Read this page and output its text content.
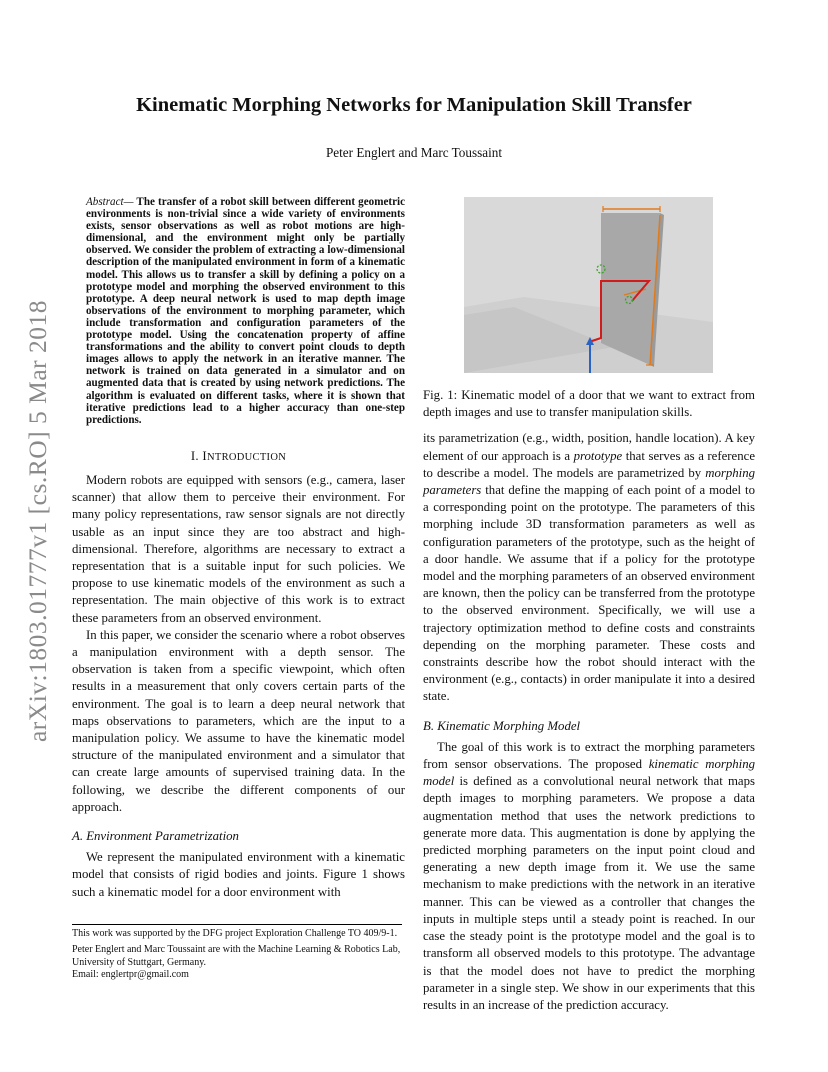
arXiv:1803.01777v1 [cs.RO] 5 Mar 2018
Kinematic Morphing Networks for Manipulation Skill Transfer
Peter Englert and Marc Toussaint

Abstract— The transfer of a robot skill between different geometric environments is non-trivial since a wide variety of environments exists, sensor observations as well as robot motions are high-dimensional, and the environment might only be partially observed. We consider the problem of extracting a low-dimensional description of the manipulated environment in form of a kinematic model. This allows us to transfer a skill by defining a policy on a prototype model and morphing the observed environment to this prototype. A deep neural network is used to map depth image observations of the environment to morphing parameter, which include transformation and configuration parameters of the prototype model. Using the concatenation property of affine transformations and the ability to convert point clouds to depth images allows to apply the network in an iterative manner. The network is trained on data generated in a simulator and on augmented data that is created by using network predictions. The algorithm is evaluated on different tasks, where it is shown that iterative predictions lead to a higher accuracy than one-step predictions.

I. INTRODUCTION

Modern robots are equipped with sensors (e.g., camera, laser scanner) that allow them to perceive their environment. For many policy representations, raw sensor signals are not directly usable as an input since they are too abstract and high-dimensional. Therefore, algorithms are necessary to extract a representation that is a suitable input for such policies. We propose to use kinematic models of the environment as such a representation. The main objective of this work is to extract these parameters from an observed environment.

In this paper, we consider the scenario where a robot observes a manipulation environment with a depth sensor. The observation is taken from a specific viewpoint, which often results in a measurement that only covers certain parts of the environment. The goal is to learn a deep neural network that maps observations to parameters, which are the input to a manipulation policy. We assume to have the kinematic model structure of the manipulated environment and a simulator that can create large amounts of supervised training data. In the following, we describe the different components of our approach.

A. Environment Parametrization

We represent the manipulated environment with a kinematic model that consists of rigid bodies and joints. Figure 1 shows such a kinematic model for a door environment with

Fig. 1: Kinematic model of a door that we want to extract from depth images and use to transfer manipulation skills.

its parametrization (e.g., width, position, handle location). A key element of our approach is a prototype that serves as a reference to describe a model. The models are parametrized by morphing parameters that define the mapping of each point of a model to a corresponding point on the prototype. The parameters of this morphing include 3D transformation parameters as well as configuration parameters of the prototype, such as the height of a door handle. We assume that if a policy for the prototype model and the morphing parameters of an observed environment are known, then the policy can be transferred from the prototype to the observed environment. Specifically, we will use a trajectory optimization method to define costs and constraints depending on the morphing parameter. These costs and constraints describe how the robot should interact with the environment (e.g., contacts) in order manipulate it into a desired state.

B. Kinematic Morphing Model

The goal of this work is to extract the morphing parameters from sensor observations. The proposed kinematic morphing model is defined as a convolutional neural network that maps depth images to morphing parameters. We propose a data augmentation method that uses the network predictions to generate more data. This augmentation is done by applying the predicted morphing parameters on the input point cloud and generating a new depth image from it. We use the same mechanism to make predictions with the network in an iterative manner. This can be viewed as a controller that changes the inputs in multiple steps until a steady point is reached. In our case the steady point is the prototype model and the goal is to transform all observed models to this prototype. The advantage is that the model does not have to predict the morphing parameter in a single step. We show in our experiments that this results in an increase of the prediction accuracy.

This work was supported by the DFG project Exploration Challenge TO 409/9-1.

Peter Englert and Marc Toussaint are with the Machine Learning & Robotics Lab, University of Stuttgart, Germany.

Email: englertpr@gmail.com
